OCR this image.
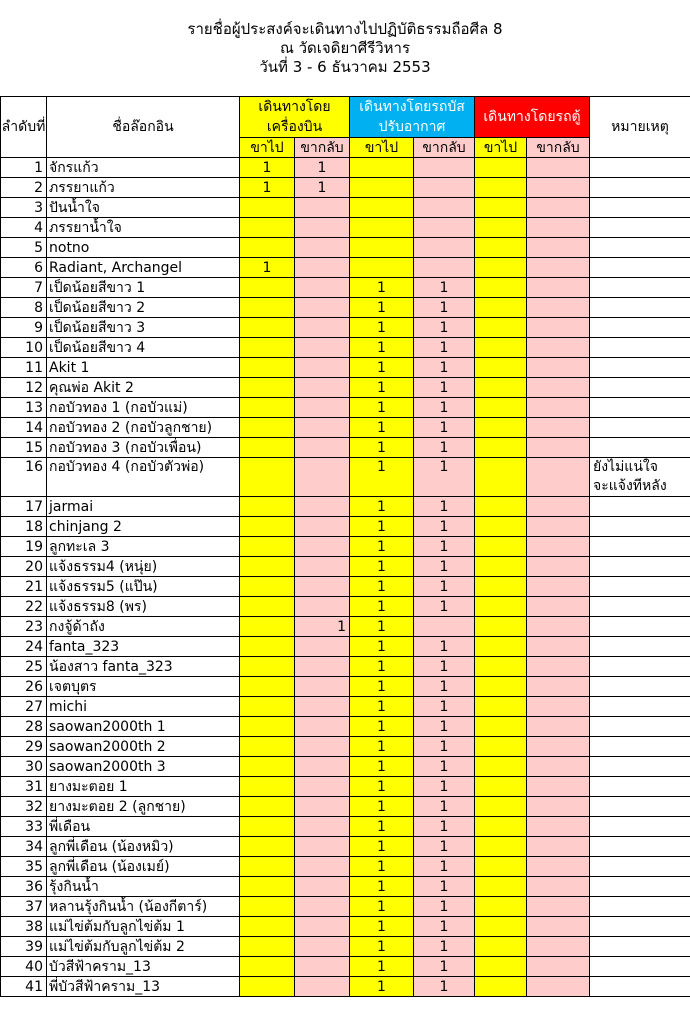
รายชื่อผู้ประสงค์จะเดินทางไปปฏิบัติธรรมถือศีล 8
ณ วัดเจดิยาศีรีวิหาร
วันที่ 3 - 6 ธันวาคม 2553
ลำดับที่	ชื่อล๊อกอิน	เดินทางโดยเครื่องบิน		เดินทางโดยรถบัสปรับอากาศ		เดินทางโดยรถตู้		หมายเหตุ
		ขาไป	ขากลับ	ขาไป	ขากลับ	ขาไป	ขากลับ	
1	จักรแก้ว	1	1					
2	ภรรยาแก้ว	1	1					
3	ปันน้ำใจ							
4	ภรรยาน้ำใจ							
5	notno							
6	Radiant, Archangel	1						
7	เป็ดน้อยสีขาว 1			1	1			
8	เป็ดน้อยสีขาว 2			1	1			
9	เป็ดน้อยสีขาว 3			1	1			
10	เป็ดน้อยสีขาว 4			1	1			
11	Akit 1			1	1			
12	คุณพ่อ Akit 2			1	1			
13	กอบัวทอง 1 (กอบัวแม่)			1	1			
14	กอบัวทอง 2 (กอบัวลูกชาย)			1	1			
15	กอบัวทอง 3 (กอบัวเพื่อน)			1	1			
16	กอบัวทอง 4 (กอบัวตัวพ่อ)			1	1			ยังไม่แน่ใจ จะแจ้งทีหลัง
17	jarmai			1	1			
18	chinjang 2			1	1			
19	ลูกทะเล 3			1	1			
20	แจ้งธรรม4 (หนุ่ย)			1	1			
21	แจ้งธรรม5 (แป๊น)			1	1			
22	แจ้งธรรม8 (พร)			1	1			
23	กงจู้ด้าถัง		1	1				
24	fanta_323			1	1			
25	น้องสาว fanta_323			1	1			
26	เจตบุตร			1	1			
27	michi			1	1			
28	saowan2000th 1			1	1			
29	saowan2000th 2			1	1			
30	saowan2000th 3			1	1			
31	ยางมะตอย 1			1	1			
32	ยางมะตอย 2 (ลูกชาย)			1	1			
33	พี่เดือน			1	1			
34	ลูกพี่เดือน (น้องหมิว)			1	1			
35	ลูกพี่เดือน (น้องเมย์)			1	1			
36	รุ้งกินน้ำ			1	1			
37	หลานรุ้งกินน้ำ (น้องกีตาร์)			1	1			
38	แม่ไข่ต้มกับลูกไข่ต้ม 1			1	1			
39	แม่ไข่ต้มกับลูกไข่ต้ม 2			1	1			
40	บัวสีฟ้าคราม_13			1	1			
41	พี่บัวสีฟ้าคราม_13			1	1			
